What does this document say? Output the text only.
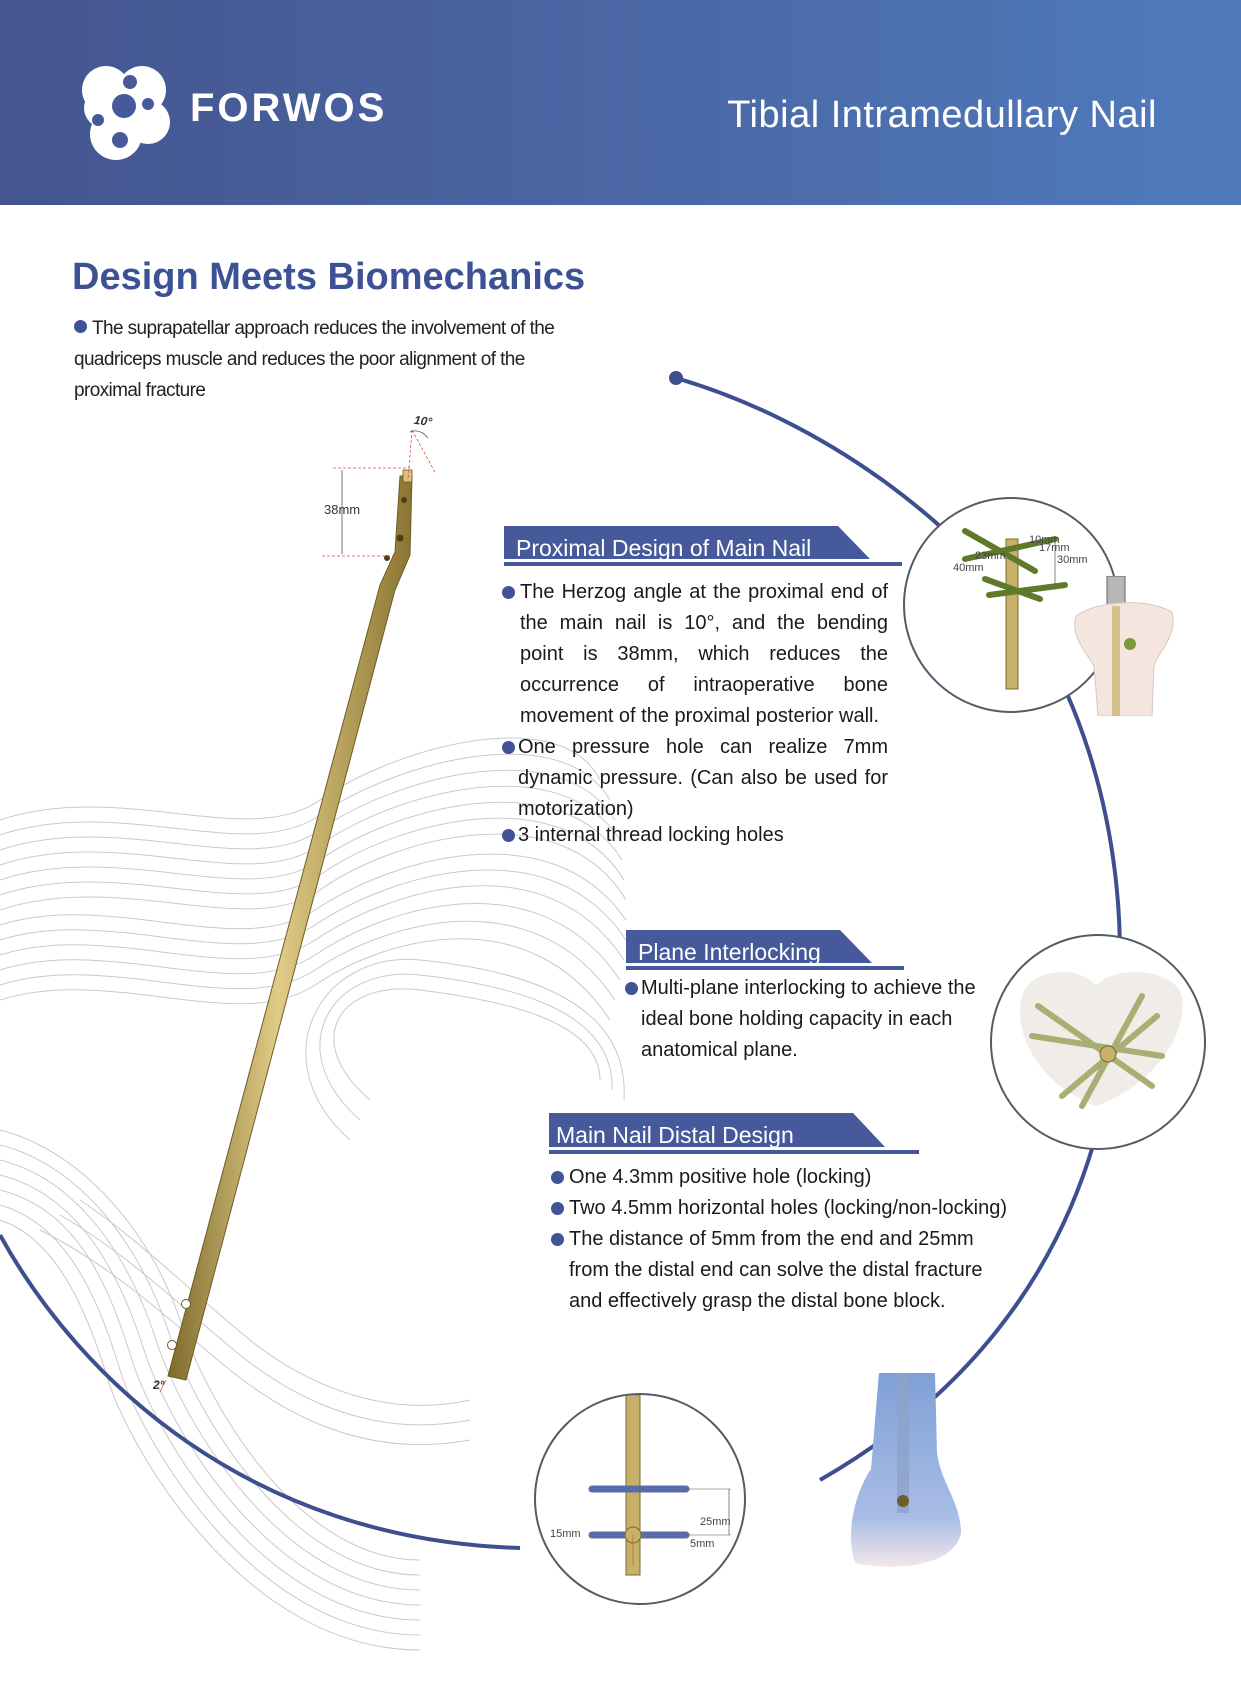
FORWOS	Tibial Intramedullary Nail
10°
38mm
2°
Design Meets Biomechanics
The suprapatellar approach reduces the involvement of the quadriceps muscle and reduces the poor alignment of the proximal fracture
Proximal Design of Main Nail
The Herzog angle at the proximal end of the main nail is 10°, and the bending point is 38mm, which reduces the occurrence of intraoperative bone movement of the proximal posterior wall.
One pressure hole can realize 7mm dynamic pressure. (Can also be used for motorization)
3 internal thread locking holes
10mm
17mm
23mm	30mm
40mm
Plane Interlocking
Multi-plane interlocking to achieve the ideal bone holding capacity in each anatomical plane.
Main Nail Distal Design
One 4.3mm positive hole (locking)
Two 4.5mm horizontal holes (locking/non-locking)
The distance of 5mm from the end and 25mm from the distal end can solve the distal fracture and effectively grasp the distal bone block.
15mm
25mm
5mm
